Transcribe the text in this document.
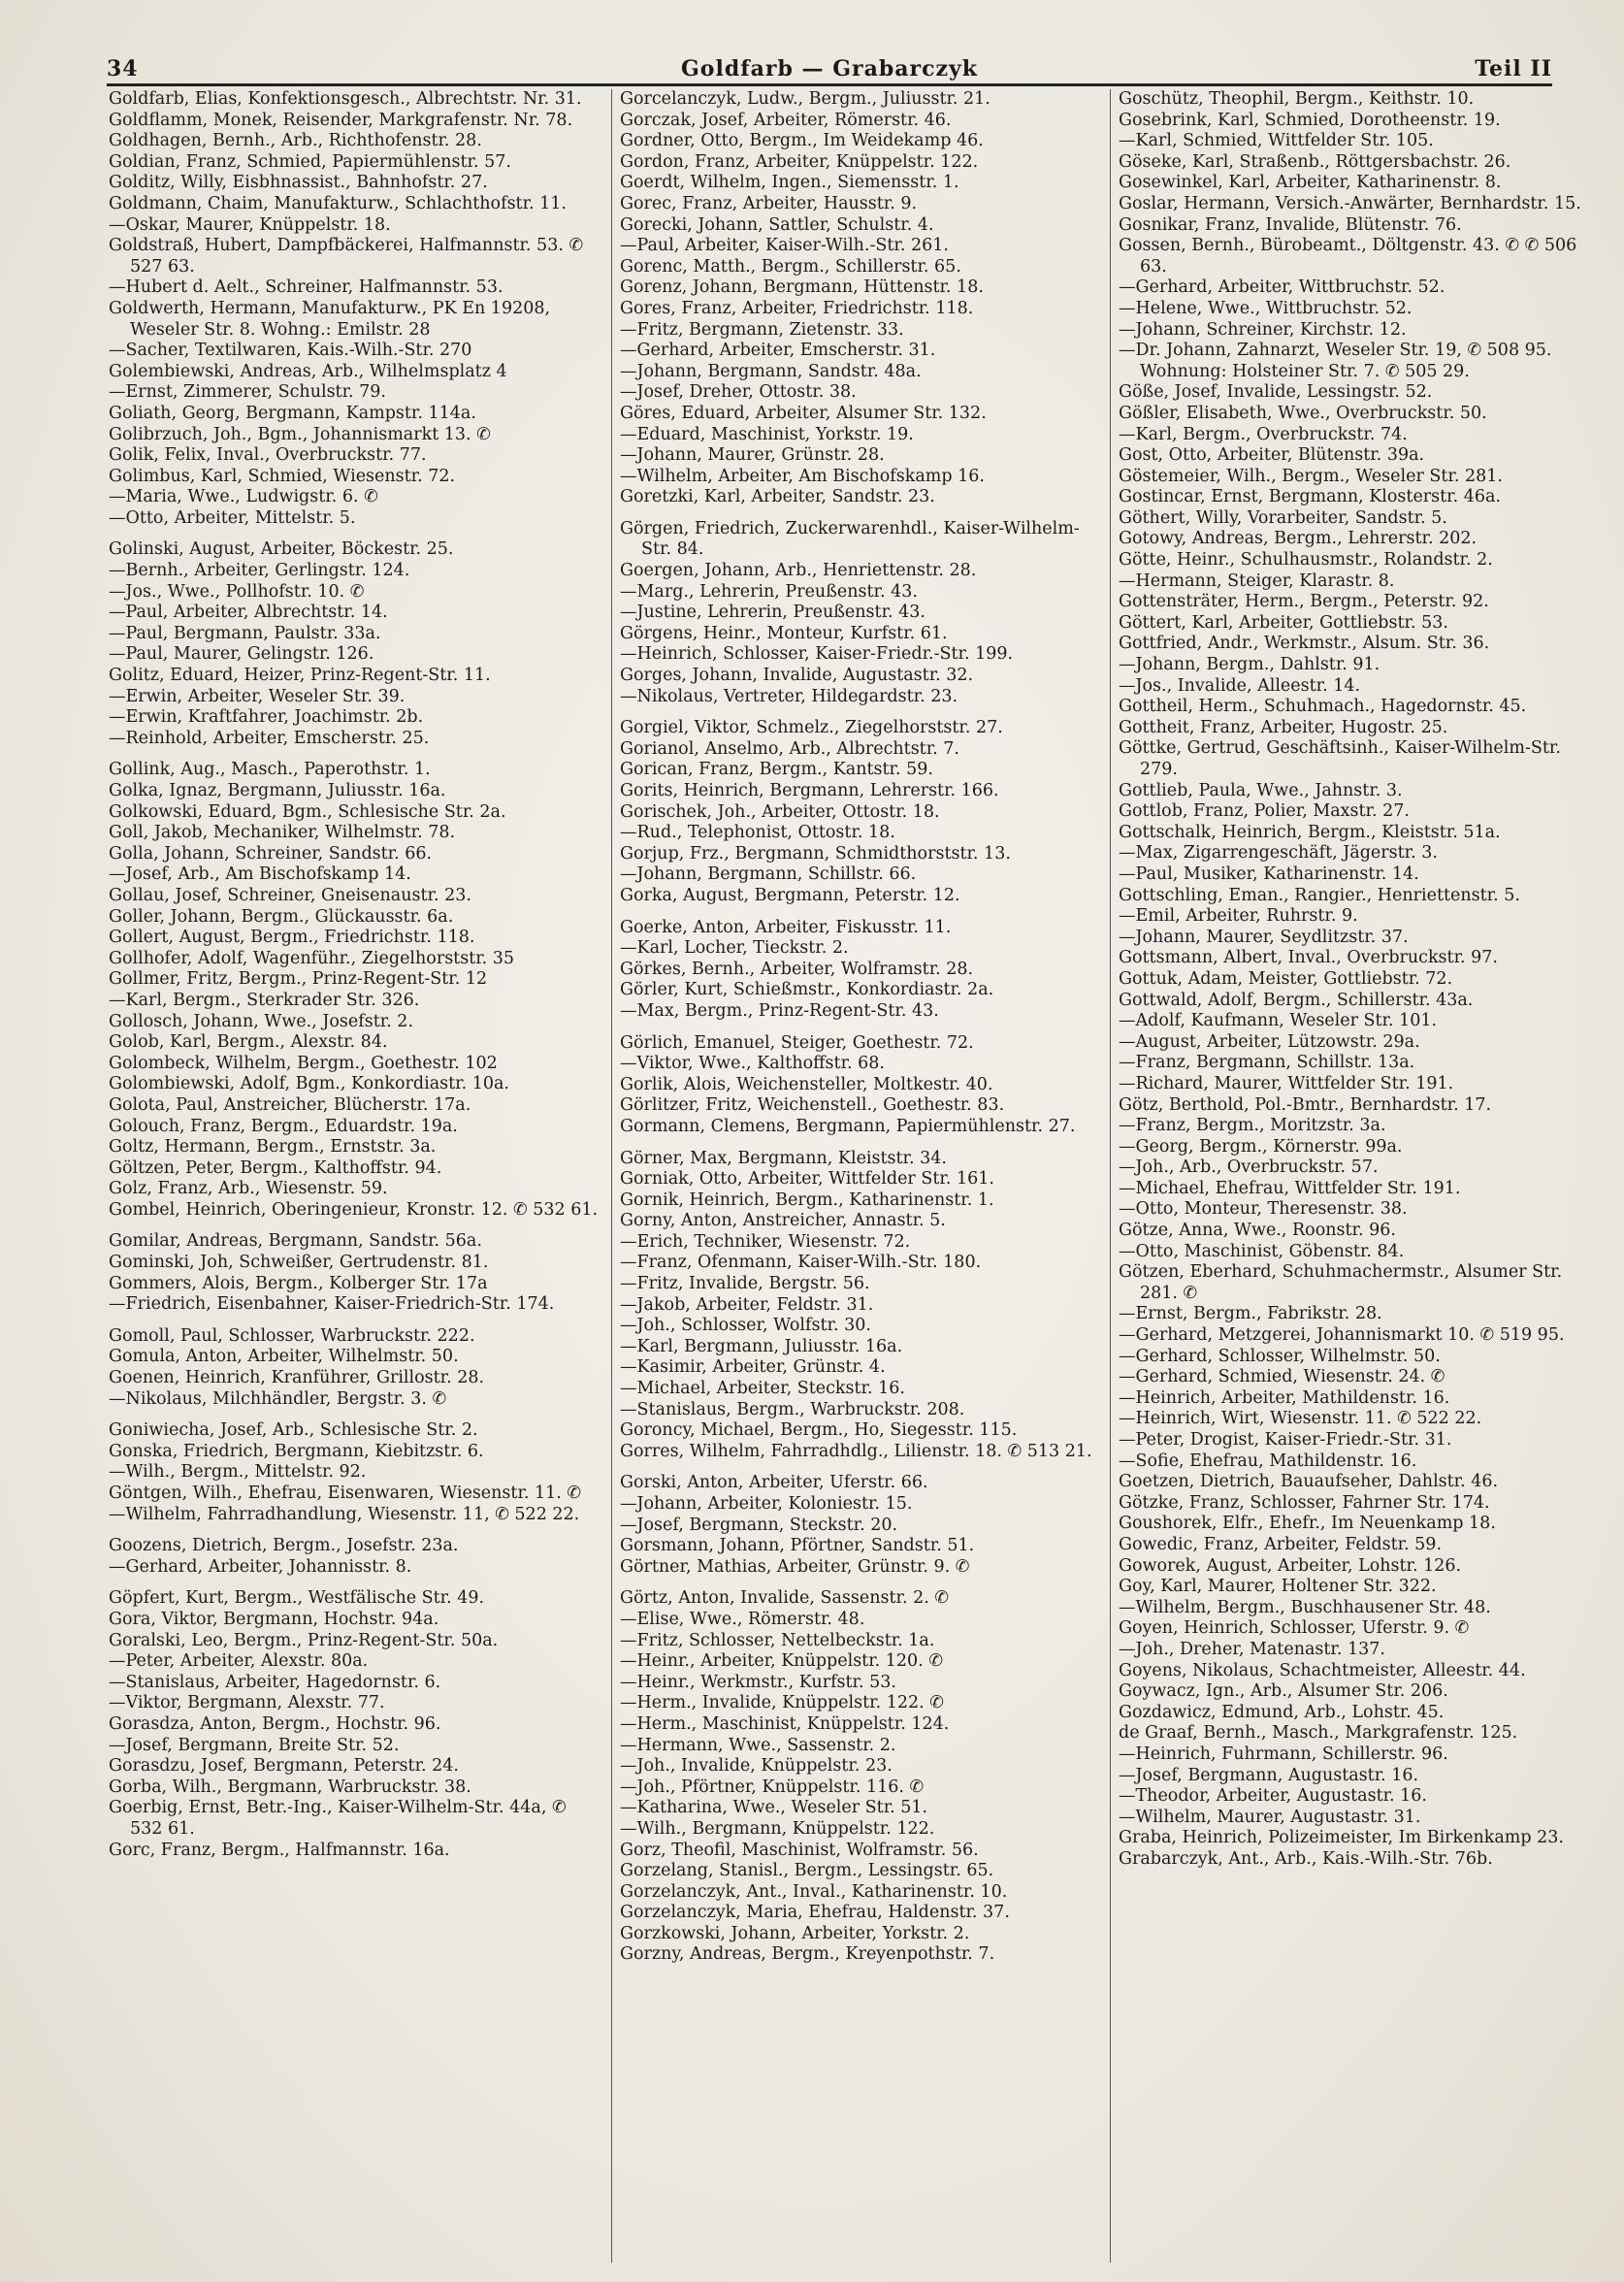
34	Goldfarb — Grabarczyk	Teil II
Goldfarb, Elias, Konfektionsgesch., Albrechtstr. Nr. 31.
Goldflamm, Monek, Reisender, Markgrafenstr. Nr. 78.
Goldhagen, Bernh., Arb., Richthofenstr. 28.
Goldian, Franz, Schmied, Papiermühlenstr. 57.
Golditz, Willy, Eisbhnassist., Bahnhofstr. 27.
Goldmann, Chaim, Manufakturw., Schlachthofstr. 11.
—Oskar, Maurer, Knüppelstr. 18.
Goldstraß, Hubert, Dampfbäckerei, Halfmannstr. 53. ✆ 527 63.
—Hubert d. Aelt., Schreiner, Halfmannstr. 53.
Goldwerth, Hermann, Manufakturw., PK En 19208, Weseler Str. 8. Wohng.: Emilstr. 28
—Sacher, Textilwaren, Kais.-Wilh.-Str. 270
Golembiewski, Andreas, Arb., Wilhelmsplatz 4
—Ernst, Zimmerer, Schulstr. 79.
Goliath, Georg, Bergmann, Kampstr. 114a.
Golibrzuch, Joh., Bgm., Johannismarkt 13. ✆
Golik, Felix, Inval., Overbruckstr. 77.
Golimbus, Karl, Schmied, Wiesenstr. 72.
—Maria, Wwe., Ludwigstr. 6. ✆
—Otto, Arbeiter, Mittelstr. 5.
Golinski, August, Arbeiter, Böckestr. 25.
—Bernh., Arbeiter, Gerlingstr. 124.
—Jos., Wwe., Pollhofstr. 10. ✆
—Paul, Arbeiter, Albrechtstr. 14.
—Paul, Bergmann, Paulstr. 33a.
—Paul, Maurer, Gelingstr. 126.
Golitz, Eduard, Heizer, Prinz-Regent-Str. 11.
—Erwin, Arbeiter, Weseler Str. 39.
—Erwin, Kraftfahrer, Joachimstr. 2b.
—Reinhold, Arbeiter, Emscherstr. 25.
Gollink, Aug., Masch., Paperothstr. 1.
Golka, Ignaz, Bergmann, Juliusstr. 16a.
Golkowski, Eduard, Bgm., Schlesische Str. 2a.
Goll, Jakob, Mechaniker, Wilhelmstr. 78.
Golla, Johann, Schreiner, Sandstr. 66.
—Josef, Arb., Am Bischofskamp 14.
Gollau, Josef, Schreiner, Gneisenaustr. 23.
Goller, Johann, Bergm., Glückausstr. 6a.
Gollert, August, Bergm., Friedrichstr. 118.
Gollhofer, Adolf, Wagenführ., Ziegelhorststr. 35
Gollmer, Fritz, Bergm., Prinz-Regent-Str. 12
—Karl, Bergm., Sterkrader Str. 326.
Gollosch, Johann, Wwe., Josefstr. 2.
Golob, Karl, Bergm., Alexstr. 84.
Golombeck, Wilhelm, Bergm., Goethestr. 102
Golombiewski, Adolf, Bgm., Konkordiastr. 10a.
Golota, Paul, Anstreicher, Blücherstr. 17a.
Golouch, Franz, Bergm., Eduardstr. 19a.
Goltz, Hermann, Bergm., Ernststr. 3a.
Göltzen, Peter, Bergm., Kalthoffstr. 94.
Golz, Franz, Arb., Wiesenstr. 59.
Gombel, Heinrich, Oberingenieur, Kronstr. 12. ✆ 532 61.
Gomilar, Andreas, Bergmann, Sandstr. 56a.
Gominski, Joh, Schweißer, Gertrudenstr. 81.
Gommers, Alois, Bergm., Kolberger Str. 17a
—Friedrich, Eisenbahner, Kaiser-Friedrich-Str. 174.
Gomoll, Paul, Schlosser, Warbruckstr. 222.
Gomula, Anton, Arbeiter, Wilhelmstr. 50.
Goenen, Heinrich, Kranführer, Grillostr. 28.
—Nikolaus, Milchhändler, Bergstr. 3. ✆
Goniwiecha, Josef, Arb., Schlesische Str. 2.
Gonska, Friedrich, Bergmann, Kiebitzstr. 6.
—Wilh., Bergm., Mittelstr. 92.
Göntgen, Wilh., Ehefrau, Eisenwaren, Wiesenstr. 11. ✆
—Wilhelm, Fahrradhandlung, Wiesenstr. 11, ✆ 522 22.
Goozens, Dietrich, Bergm., Josefstr. 23a.
—Gerhard, Arbeiter, Johannisstr. 8.
Göpfert, Kurt, Bergm., Westfälische Str. 49.
Gora, Viktor, Bergmann, Hochstr. 94a.
Goralski, Leo, Bergm., Prinz-Regent-Str. 50a.
—Peter, Arbeiter, Alexstr. 80a.
—Stanislaus, Arbeiter, Hagedornstr. 6.
—Viktor, Bergmann, Alexstr. 77.
Gorasdza, Anton, Bergm., Hochstr. 96.
—Josef, Bergmann, Breite Str. 52.
Gorasdzu, Josef, Bergmann, Peterstr. 24.
Gorba, Wilh., Bergmann, Warbruckstr. 38.
Goerbig, Ernst, Betr.-Ing., Kaiser-Wilhelm-Str. 44a, ✆ 532 61.
Gorc, Franz, Bergm., Halfmannstr. 16a.
Gorcelanczyk, Ludw., Bergm., Juliusstr. 21.
Gorczak, Josef, Arbeiter, Römerstr. 46.
Gordner, Otto, Bergm., Im Weidekamp 46.
Gordon, Franz, Arbeiter, Knüppelstr. 122.
Goerdt, Wilhelm, Ingen., Siemensstr. 1.
Gorec, Franz, Arbeiter, Hausstr. 9.
Gorecki, Johann, Sattler, Schulstr. 4.
—Paul, Arbeiter, Kaiser-Wilh.-Str. 261.
Gorenc, Matth., Bergm., Schillerstr. 65.
Gorenz, Johann, Bergmann, Hüttenstr. 18.
Gores, Franz, Arbeiter, Friedrichstr. 118.
—Fritz, Bergmann, Zietenstr. 33.
—Gerhard, Arbeiter, Emscherstr. 31.
—Johann, Bergmann, Sandstr. 48a.
—Josef, Dreher, Ottostr. 38.
Göres, Eduard, Arbeiter, Alsumer Str. 132.
—Eduard, Maschinist, Yorkstr. 19.
—Johann, Maurer, Grünstr. 28.
—Wilhelm, Arbeiter, Am Bischofskamp 16.
Goretzki, Karl, Arbeiter, Sandstr. 23.
Görgen, Friedrich, Zuckerwarenhdl., Kaiser-Wilhelm-Str. 84.
Goergen, Johann, Arb., Henriettenstr. 28.
—Marg., Lehrerin, Preußenstr. 43.
—Justine, Lehrerin, Preußenstr. 43.
Görgens, Heinr., Monteur, Kurfstr. 61.
—Heinrich, Schlosser, Kaiser-Friedr.-Str. 199.
Gorges, Johann, Invalide, Augustastr. 32.
—Nikolaus, Vertreter, Hildegardstr. 23.
Gorgiel, Viktor, Schmelz., Ziegelhorststr. 27.
Gorianol, Anselmo, Arb., Albrechtstr. 7.
Gorican, Franz, Bergm., Kantstr. 59.
Gorits, Heinrich, Bergmann, Lehrerstr. 166.
Gorischek, Joh., Arbeiter, Ottostr. 18.
—Rud., Telephonist, Ottostr. 18.
Gorjup, Frz., Bergmann, Schmidthorststr. 13.
—Johann, Bergmann, Schillstr. 66.
Gorka, August, Bergmann, Peterstr. 12.
Goerke, Anton, Arbeiter, Fiskusstr. 11.
—Karl, Locher, Tieckstr. 2.
Görkes, Bernh., Arbeiter, Wolframstr. 28.
Görler, Kurt, Schießmstr., Konkordiastr. 2a.
—Max, Bergm., Prinz-Regent-Str. 43.
Görlich, Emanuel, Steiger, Goethestr. 72.
—Viktor, Wwe., Kalthoffstr. 68.
Gorlik, Alois, Weichensteller, Moltkestr. 40.
Görlitzer, Fritz, Weichenstell., Goethestr. 83.
Gormann, Clemens, Bergmann, Papiermühlenstr. 27.
Görner, Max, Bergmann, Kleiststr. 34.
Gorniak, Otto, Arbeiter, Wittfelder Str. 161.
Gornik, Heinrich, Bergm., Katharinenstr. 1.
Gorny, Anton, Anstreicher, Annastr. 5.
—Erich, Techniker, Wiesenstr. 72.
—Franz, Ofenmann, Kaiser-Wilh.-Str. 180.
—Fritz, Invalide, Bergstr. 56.
—Jakob, Arbeiter, Feldstr. 31.
—Joh., Schlosser, Wolfstr. 30.
—Karl, Bergmann, Juliusstr. 16a.
—Kasimir, Arbeiter, Grünstr. 4.
—Michael, Arbeiter, Steckstr. 16.
—Stanislaus, Bergm., Warbruckstr. 208.
Goroncy, Michael, Bergm., Ho, Siegesstr. 115.
Gorres, Wilhelm, Fahrradhdlg., Lilienstr. 18. ✆ 513 21.
Gorski, Anton, Arbeiter, Uferstr. 66.
—Johann, Arbeiter, Koloniestr. 15.
—Josef, Bergmann, Steckstr. 20.
Gorsmann, Johann, Pförtner, Sandstr. 51.
Görtner, Mathias, Arbeiter, Grünstr. 9. ✆
Görtz, Anton, Invalide, Sassenstr. 2. ✆
—Elise, Wwe., Römerstr. 48.
—Fritz, Schlosser, Nettelbeckstr. 1a.
—Heinr., Arbeiter, Knüppelstr. 120. ✆
—Heinr., Werkmstr., Kurfstr. 53.
—Herm., Invalide, Knüppelstr. 122. ✆
—Herm., Maschinist, Knüppelstr. 124.
—Hermann, Wwe., Sassenstr. 2.
—Joh., Invalide, Knüppelstr. 23.
—Joh., Pförtner, Knüppelstr. 116. ✆
—Katharina, Wwe., Weseler Str. 51.
—Wilh., Bergmann, Knüppelstr. 122.
Gorz, Theofil, Maschinist, Wolframstr. 56.
Gorzelang, Stanisl., Bergm., Lessingstr. 65.
Gorzelanczyk, Ant., Inval., Katharinenstr. 10.
Gorzelanczyk, Maria, Ehefrau, Haldenstr. 37.
Gorzkowski, Johann, Arbeiter, Yorkstr. 2.
Gorzny, Andreas, Bergm., Kreyenpothstr. 7.
Goschütz, Theophil, Bergm., Keithstr. 10.
Gosebrink, Karl, Schmied, Dorotheenstr. 19.
—Karl, Schmied, Wittfelder Str. 105.
Göseke, Karl, Straßenb., Röttgersbachstr. 26.
Gosewinkel, Karl, Arbeiter, Katharinenstr. 8.
Goslar, Hermann, Versich.-Anwärter, Bernhardstr. 15.
Gosnikar, Franz, Invalide, Blütenstr. 76.
Gossen, Bernh., Bürobeamt., Döltgenstr. 43. ✆ ✆ 506 63.
—Gerhard, Arbeiter, Wittbruchstr. 52.
—Helene, Wwe., Wittbruchstr. 52.
—Johann, Schreiner, Kirchstr. 12.
—Dr. Johann, Zahnarzt, Weseler Str. 19, ✆ 508 95. Wohnung: Holsteiner Str. 7. ✆ 505 29.
Göße, Josef, Invalide, Lessingstr. 52.
Gößler, Elisabeth, Wwe., Overbruckstr. 50.
—Karl, Bergm., Overbruckstr. 74.
Gost, Otto, Arbeiter, Blütenstr. 39a.
Göstemeier, Wilh., Bergm., Weseler Str. 281.
Gostincar, Ernst, Bergmann, Klosterstr. 46a.
Göthert, Willy, Vorarbeiter, Sandstr. 5.
Gotowy, Andreas, Bergm., Lehrerstr. 202.
Götte, Heinr., Schulhausmstr., Rolandstr. 2.
—Hermann, Steiger, Klarastr. 8.
Gottensträter, Herm., Bergm., Peterstr. 92.
Göttert, Karl, Arbeiter, Gottliebstr. 53.
Gottfried, Andr., Werkmstr., Alsum. Str. 36.
—Johann, Bergm., Dahlstr. 91.
—Jos., Invalide, Alleestr. 14.
Gottheil, Herm., Schuhmach., Hagedornstr. 45.
Gottheit, Franz, Arbeiter, Hugostr. 25.
Göttke, Gertrud, Geschäftsinh., Kaiser-Wilhelm-Str. 279.
Gottlieb, Paula, Wwe., Jahnstr. 3.
Gottlob, Franz, Polier, Maxstr. 27.
Gottschalk, Heinrich, Bergm., Kleiststr. 51a.
—Max, Zigarrengeschäft, Jägerstr. 3.
—Paul, Musiker, Katharinenstr. 14.
Gottschling, Eman., Rangier., Henriettenstr. 5.
—Emil, Arbeiter, Ruhrstr. 9.
—Johann, Maurer, Seydlitzstr. 37.
Gottsmann, Albert, Inval., Overbruckstr. 97.
Gottuk, Adam, Meister, Gottliebstr. 72.
Gottwald, Adolf, Bergm., Schillerstr. 43a.
—Adolf, Kaufmann, Weseler Str. 101.
—August, Arbeiter, Lützowstr. 29a.
—Franz, Bergmann, Schillstr. 13a.
—Richard, Maurer, Wittfelder Str. 191.
Götz, Berthold, Pol.-Bmtr., Bernhardstr. 17.
—Franz, Bergm., Moritzstr. 3a.
—Georg, Bergm., Körnerstr. 99a.
—Joh., Arb., Overbruckstr. 57.
—Michael, Ehefrau, Wittfelder Str. 191.
—Otto, Monteur, Theresenstr. 38.
Götze, Anna, Wwe., Roonstr. 96.
—Otto, Maschinist, Göbenstr. 84.
Götzen, Eberhard, Schuhmachermstr., Alsumer Str. 281. ✆
—Ernst, Bergm., Fabrikstr. 28.
—Gerhard, Metzgerei, Johannismarkt 10. ✆ 519 95.
—Gerhard, Schlosser, Wilhelmstr. 50.
—Gerhard, Schmied, Wiesenstr. 24. ✆
—Heinrich, Arbeiter, Mathildenstr. 16.
—Heinrich, Wirt, Wiesenstr. 11. ✆ 522 22.
—Peter, Drogist, Kaiser-Friedr.-Str. 31.
—Sofie, Ehefrau, Mathildenstr. 16.
Goetzen, Dietrich, Bauaufseher, Dahlstr. 46.
Götzke, Franz, Schlosser, Fahrner Str. 174.
Goushorek, Elfr., Ehefr., Im Neuenkamp 18.
Gowedic, Franz, Arbeiter, Feldstr. 59.
Goworek, August, Arbeiter, Lohstr. 126.
Goy, Karl, Maurer, Holtener Str. 322.
—Wilhelm, Bergm., Buschhausener Str. 48.
Goyen, Heinrich, Schlosser, Uferstr. 9. ✆
—Joh., Dreher, Matenastr. 137.
Goyens, Nikolaus, Schachtmeister, Alleestr. 44.
Goywacz, Ign., Arb., Alsumer Str. 206.
Gozdawicz, Edmund, Arb., Lohstr. 45.
de Graaf, Bernh., Masch., Markgrafenstr. 125.
—Heinrich, Fuhrmann, Schillerstr. 96.
—Josef, Bergmann, Augustastr. 16.
—Theodor, Arbeiter, Augustastr. 16.
—Wilhelm, Maurer, Augustastr. 31.
Graba, Heinrich, Polizeimeister, Im Birkenkamp 23.
Grabarczyk, Ant., Arb., Kais.-Wilh.-Str. 76b.
